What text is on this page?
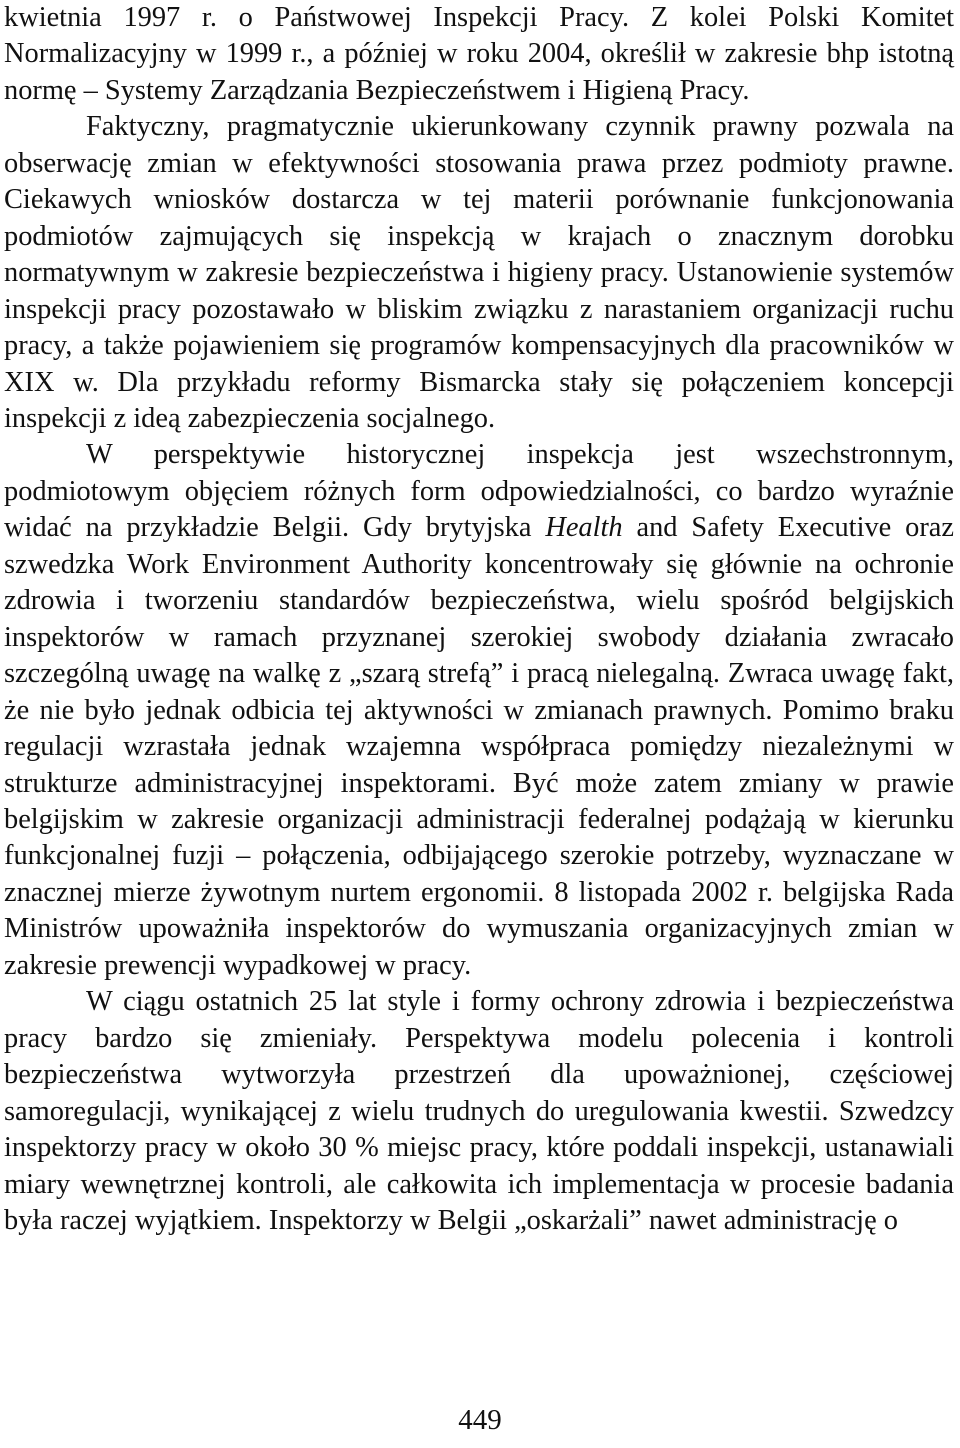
kwietnia 1997 r. o Państwowej Inspekcji Pracy. Z kolei Polski Komitet Normalizacyjny w 1999 r., a później w roku 2004, określił w zakresie bhp istotną normę – Systemy Zarządzania Bezpieczeństwem i Higieną Pracy.

Faktyczny, pragmatycznie ukierunkowany czynnik prawny pozwala na obserwację zmian w efektywności stosowania prawa przez podmioty prawne. Ciekawych wniosków dostarcza w tej materii porównanie funkcjonowania podmiotów zajmujących się inspekcją w krajach o znacznym dorobku normatywnym w zakresie bezpieczeństwa i higieny pracy. Ustanowienie systemów inspekcji pracy pozostawało w bliskim związku z narastaniem organizacji ruchu pracy, a także pojawieniem się programów kompensacyjnych dla pracowników w XIX w. Dla przykładu reformy Bismarcka stały się połączeniem koncepcji inspekcji z ideą zabezpieczenia socjalnego.

W perspektywie historycznej inspekcja jest wszechstronnym, podmiotowym objęciem różnych form odpowiedzialności, co bardzo wyraźnie widać na przykładzie Belgii. Gdy brytyjska Health and Safety Executive oraz szwedzka Work Environment Authority koncentrowały się głównie na ochronie zdrowia i tworzeniu standardów bezpieczeństwa, wielu spośród belgijskich inspektorów w ramach przyznanej szerokiej swobody działania zwracało szczególną uwagę na walkę z „szarą strefą” i pracą nielegalną. Zwraca uwagę fakt, że nie było jednak odbicia tej aktywności w zmianach prawnych. Pomimo braku regulacji wzrastała jednak wzajemna współpraca pomiędzy niezależnymi w strukturze administracyjnej inspektorami. Być może zatem zmiany w prawie belgijskim w zakresie organizacji administracji federalnej podążają w kierunku funkcjonalnej fuzji – połączenia, odbijającego szerokie potrzeby, wyznaczane w znacznej mierze żywotnym nurtem ergonomii. 8 listopada 2002 r. belgijska Rada Ministrów upoważniła inspektorów do wymuszania organizacyjnych zmian w zakresie prewencji wypadkowej w pracy.

W ciągu ostatnich 25 lat style i formy ochrony zdrowia i bezpieczeństwa pracy bardzo się zmieniały. Perspektywa modelu polecenia i kontroli bezpieczeństwa wytworzyła przestrzeń dla upoważnionej, częściowej samoregulacji, wynikającej z wielu trudnych do uregulowania kwestii. Szwedzcy inspektorzy pracy w około 30 % miejsc pracy, które poddali inspekcji, ustanawiali miary wewnętrznej kontroli, ale całkowita ich implementacja w procesie badania była raczej wyjątkiem. Inspektorzy w Belgii „oskarżali” nawet administrację o

449
